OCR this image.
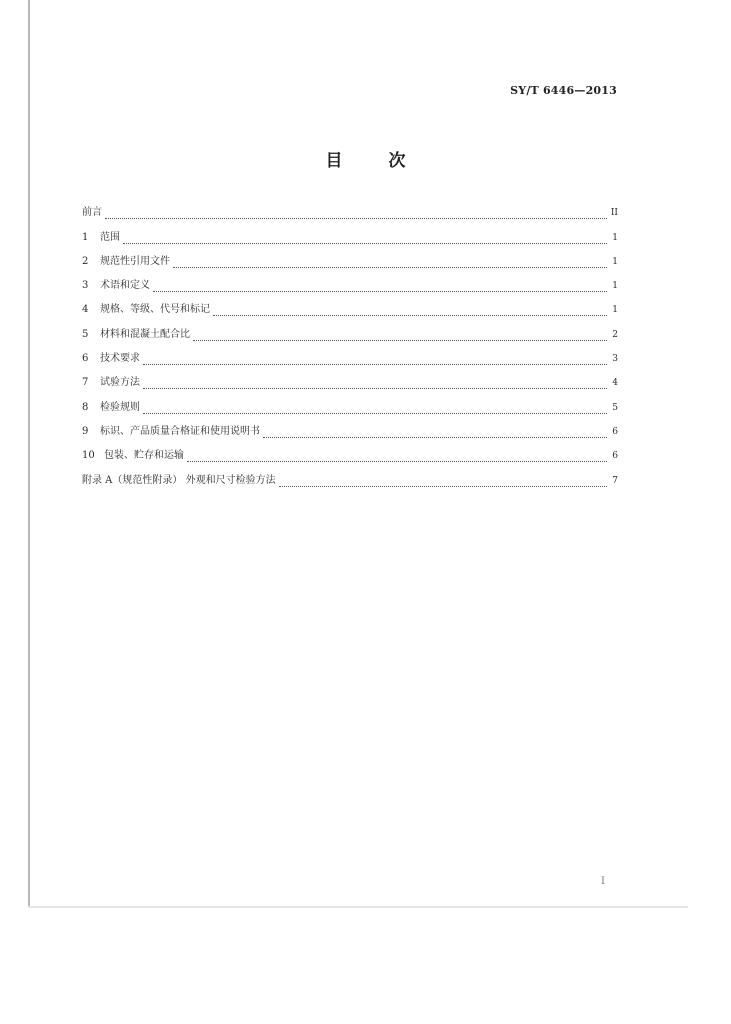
SY/T 6446—2013
目	次
前言	II
1	范围	1
2	规范性引用文件	1
3	术语和定义	1
4	规格、等级、代号和标记	1
5	材料和混凝土配合比	2
6	技术要求	3
7	试验方法	4
8	检验规则	5
9	标识、产品质量合格证和使用说明书	6
10 包装、贮存和运输	6
附录 A（规范性附录） 外观和尺寸检验方法	7
I
